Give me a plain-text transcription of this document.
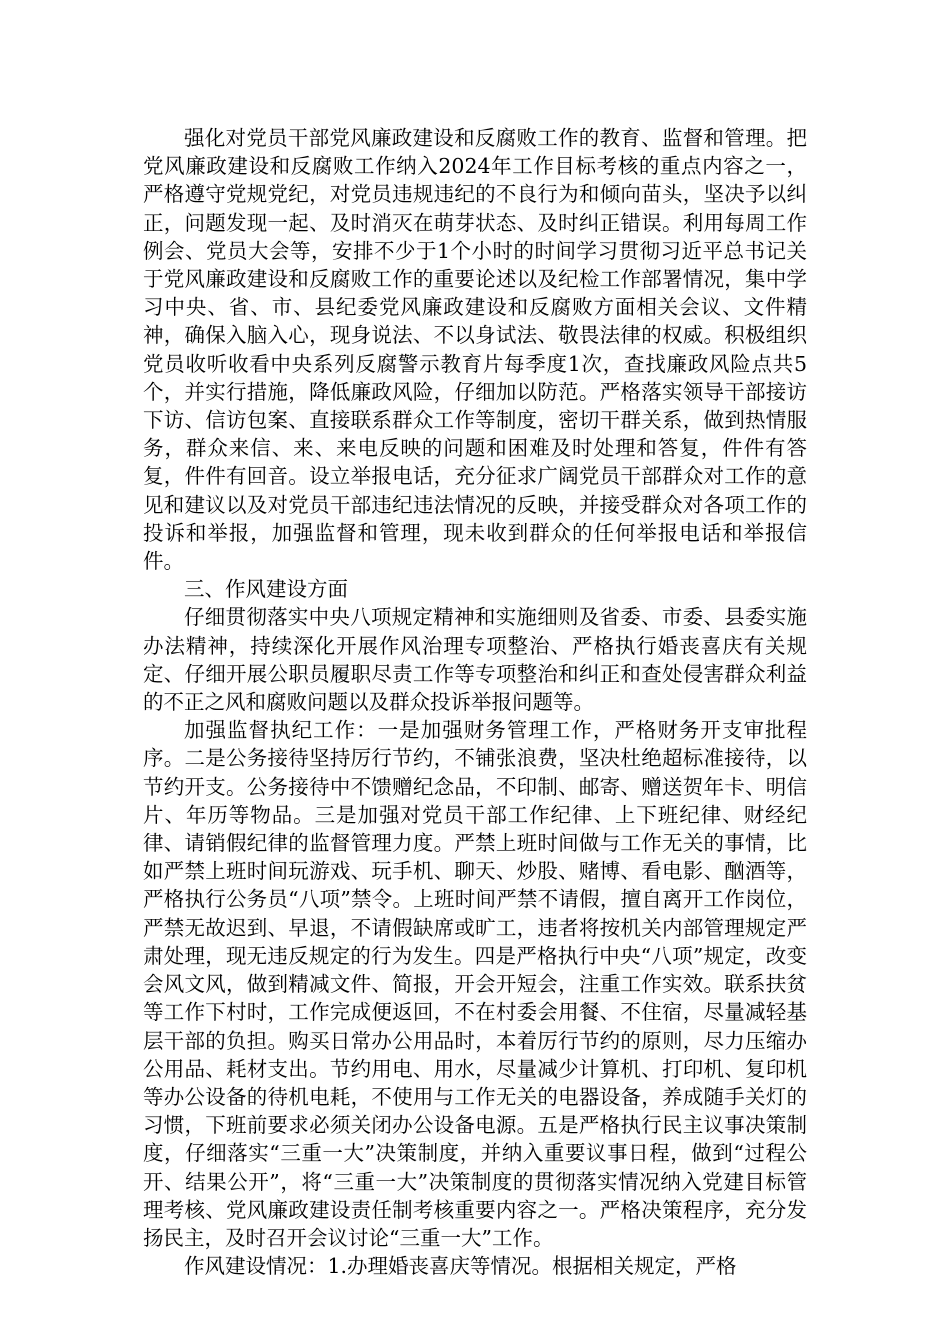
强化对党员干部党风廉政建设和反腐败工作的教育、监督和管理。把党风廉政建设和反腐败工作纳入2024年工作目标考核的重点内容之一，严格遵守党规党纪，对党员违规违纪的不良行为和倾向苗头，坚决予以纠正，问题发现一起、及时消灭在萌芽状态、及时纠正错误。利用每周工作例会、党员大会等，安排不少于1个小时的时间学习贯彻习近平总书记关于党风廉政建设和反腐败工作的重要论述以及纪检工作部署情况，集中学习中央、省、市、县纪委党风廉政建设和反腐败方面相关会议、文件精神，确保入脑入心，现身说法、不以身试法、敬畏法律的权威。积极组织党员收听收看中央系列反腐警示教育片每季度1次，查找廉政风险点共5个，并实行措施，降低廉政风险，仔细加以防范。严格落实领导干部接访下访、信访包案、直接联系群众工作等制度，密切干群关系，做到热情服务，群众来信、来、来电反映的问题和困难及时处理和答复，件件有答复，件件有回音。设立举报电话，充分征求广阔党员干部群众对工作的意见和建议以及对党员干部违纪违法情况的反映，并接受群众对各项工作的投诉和举报，加强监督和管理，现未收到群众的任何举报电话和举报信件。

三、作风建设方面

仔细贯彻落实中央八项规定精神和实施细则及省委、市委、县委实施办法精神，持续深化开展作风治理专项整治、严格执行婚丧喜庆有关规定、仔细开展公职员履职尽责工作等专项整治和纠正和查处侵害群众利益的不正之风和腐败问题以及群众投诉举报问题等。

加强监督执纪工作：一是加强财务管理工作，严格财务开支审批程序。二是公务接待坚持厉行节约，不铺张浪费，坚决杜绝超标准接待，以节约开支。公务接待中不馈赠纪念品，不印制、邮寄、赠送贺年卡、明信片、年历等物品。三是加强对党员干部工作纪律、上下班纪律、财经纪律、请销假纪律的监督管理力度。严禁上班时间做与工作无关的事情，比如严禁上班时间玩游戏、玩手机、聊天、炒股、赌博、看电影、酗酒等，严格执行公务员“八项”禁令。上班时间严禁不请假，擅自离开工作岗位，严禁无故迟到、早退，不请假缺席或旷工，违者将按机关内部管理规定严肃处理，现无违反规定的行为发生。四是严格执行中央“八项”规定，改变会风文风，做到精减文件、简报，开会开短会，注重工作实效。联系扶贫等工作下村时，工作完成便返回，不在村委会用餐、不住宿，尽量减轻基层干部的负担。购买日常办公用品时，本着厉行节约的原则，尽力压缩办公用品、耗材支出。节约用电、用水，尽量减少计算机、打印机、复印机等办公设备的待机电耗，不使用与工作无关的电器设备，养成随手关灯的习惯，下班前要求必须关闭办公设备电源。五是严格执行民主议事决策制度，仔细落实“三重一大”决策制度，并纳入重要议事日程，做到“过程公开、结果公开”，将“三重一大”决策制度的贯彻落实情况纳入党建目标管理考核、党风廉政建设责任制考核重要内容之一。严格决策程序，充分发扬民主，及时召开会议讨论“三重一大”工作。

作风建设情况：1.办理婚丧喜庆等情况。根据相关规定，严格
